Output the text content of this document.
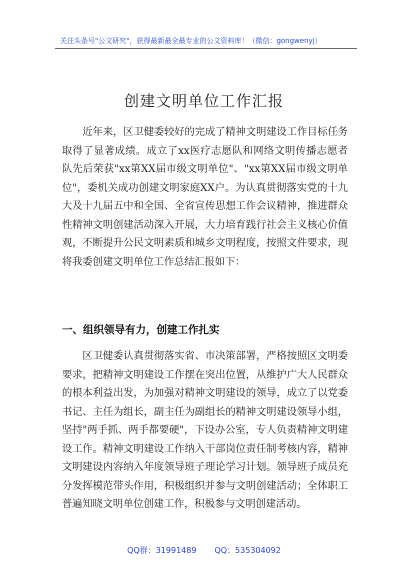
关注头条号"公文研究"，获得最新最全最专业的公文资料库！（微信：gongwenyj）
创建文明单位工作汇报

近年来，区卫健委较好的完成了精神文明建设工作目标任务取得了显著成绩。成立了xx医疗志愿队和网络文明传播志愿者队先后荣获"xx第XX届市级文明单位"、"xx第XX届市级文明单位"，委机关成功创建文明家庭XX户。为认真贯彻落实党的十九大及十九届五中和全国、全省宣传思想工作会议精神，推进群众性精神文明创建活动深入开展，大力培育践行社会主义核心价值观，不断提升公民文明素质和城乡文明程度，按照文件要求，现将我委创建文明单位工作总结汇报如下：

一、组织领导有力，创建工作扎实

区卫健委认真贯彻落实省、市决策部署，严格按照区文明委要求，把精神文明建设工作摆在突出位置，从维护广大人民群众的根本利益出发，为加强对精神文明建设的领导，成立了以党委书记、主任为组长，副主任为副组长的精神文明建设领导小组，坚持"两手抓、两手都要硬"，下设办公室，专人负责精神文明建设工作。精神文明建设工作纳入干部岗位责任制考核内容，精神文明建设内容纳入年度领导班子理论学习计划。领导班子成员充分发挥模范带头作用，积极组织并参与文明创建活动；全体职工普遍知晓文明单位创建工作，积极参与文明创建活动。

QQ群：31991489 QQ：535304092
